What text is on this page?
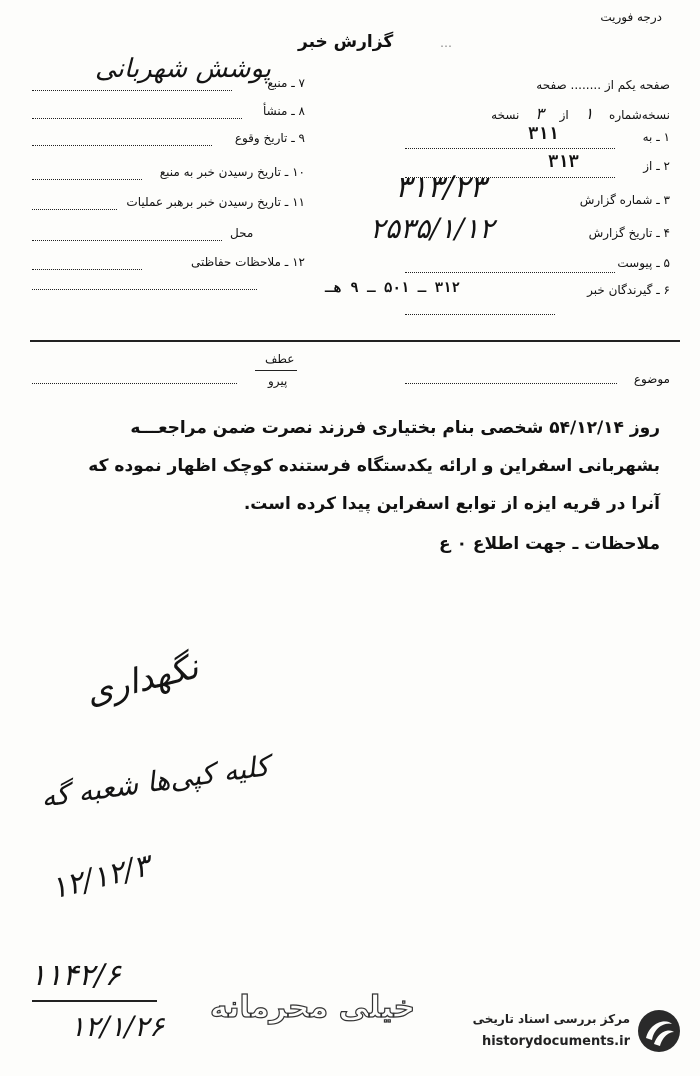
درجه فوریت
گزارش خبر	…
صفحه یکم از ........ صفحه
نسخه‌شماره ۱ از ۳ نسخه
۱ ـ به
۳۱۱
۲ ـ از
۳۱۳
۳ ـ شماره گزارش
۳۱۳/۲۳
۴ ـ تاریخ گزارش
۲۵۳۵/۱/۱۲
۵ ـ پیوست
۶ ـ گیرندگان خبر
۳۱۲ ـ ۵۰۱ ـ ۹ هـ
۷ ـ منبع
پوشش شهربانی
۸ ـ منشأ
۹ ـ تاریخ وقوع
۱۰ ـ تاریخ رسیدن خبر به منبع
۱۱ ـ تاریخ رسیدن خبر برهبر عملیات
محل
۱۲ ـ ملاحظات حفاظتی
موضوع
عطف
پیرو
روز ۵۴/۱۲/۱۴ شخصی بنام بختیاری فرزند نصرت ضمن مراجعـــه
بشهربانی اسفراین و ارائه یکدستگاه فرستنده کوچک اظهار نموده که
آنرا در قریه ایزه از توابع اسفراین پیدا کرده است.
ملاحظات ـ جهت اطلاع ۰ ع
نگهداری
کلیه کپی‌ها شعبه گه
۱۲/۱۲/۳
۱۱۴۲/۶
۱۲/۱/۲۶
خیلی محرمانه	مرکز بررسی اسناد تاریخی
historydocuments.ir
